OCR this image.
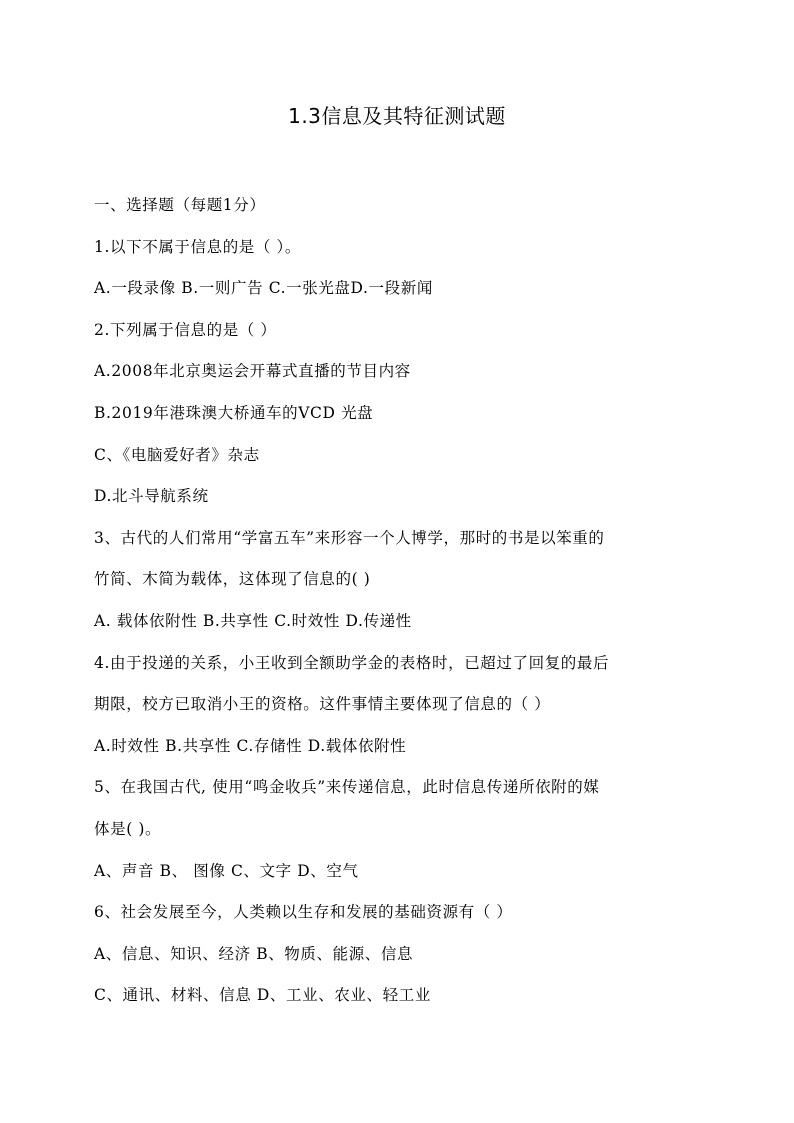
1.3信息及其特征测试题

一、选择题（每题1分）

1.以下不属于信息的是（ ）。

A.一段录像 B.一则广告 C.一张光盘D.一段新闻

2.下列属于信息的是（ ）

A.2008年北京奥运会开幕式直播的节目内容

B.2019年港珠澳大桥通车的VCD 光盘

C、《电脑爱好者》杂志

D.北斗导航系统

3、古代的人们常用“学富五车”来形容一个人博学，那时的书是以笨重的

竹简、木简为载体，这体现了信息的( )

A. 载体依附性 B.共享性 C.时效性 D.传递性

4.由于投递的关系，小王收到全额助学金的表格时，已超过了回复的最后

期限，校方已取消小王的资格。这件事情主要体现了信息的（ ）

A.时效性 B.共享性 C.存储性 D.载体依附性

5、在我国古代, 使用“鸣金收兵”来传递信息，此时信息传递所依附的媒

体是( )。

A、声音 B、 图像 C、文字 D、空气

6、社会发展至今，人类赖以生存和发展的基础资源有（ ）

A、信息、知识、经济 B、物质、能源、信息

C、通讯、材料、信息 D、工业、农业、轻工业
